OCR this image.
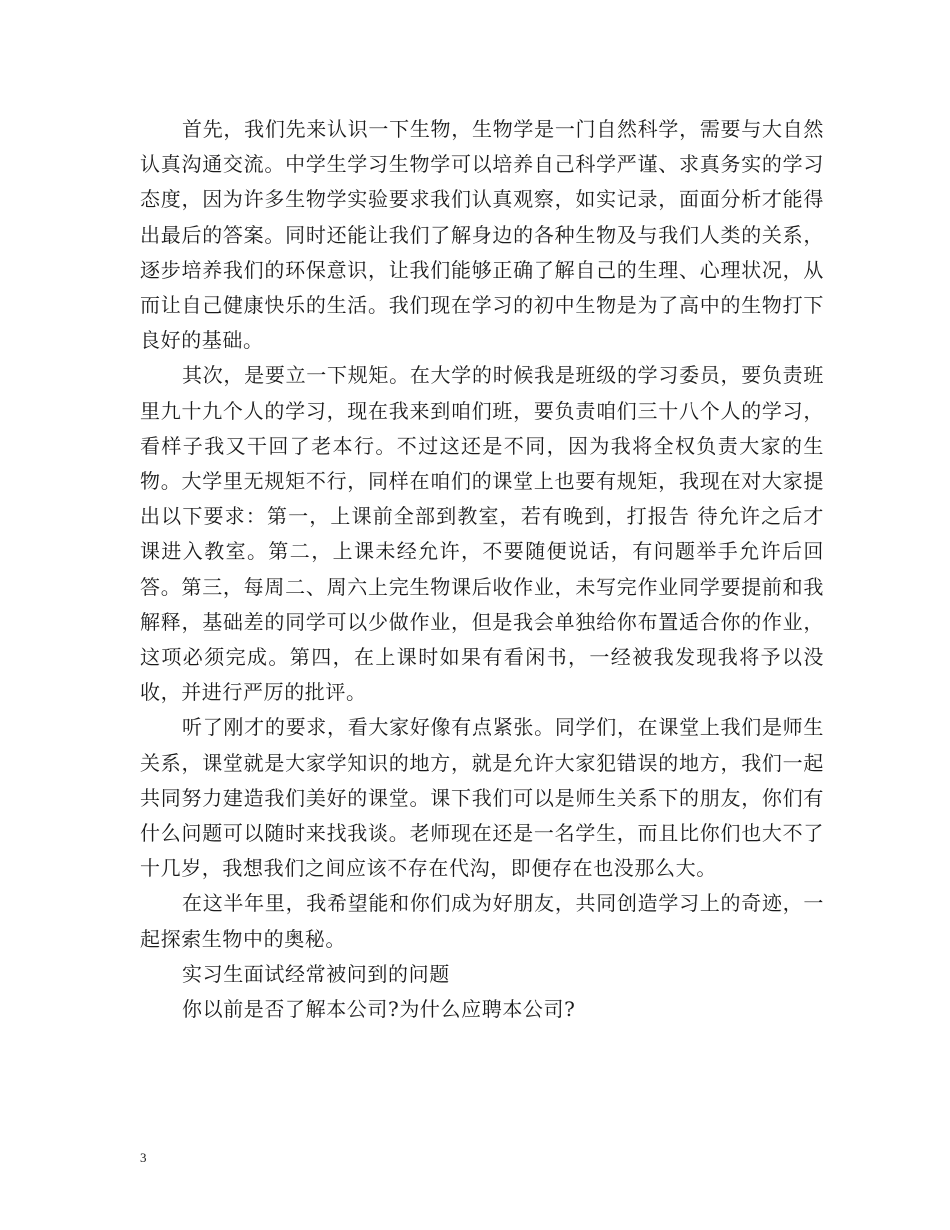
首先，我们先来认识一下生物，生物学是一门自然科学，需要与大自然认真沟通交流。中学生学习生物学可以培养自己科学严谨、求真务实的学习态度，因为许多生物学实验要求我们认真观察，如实记录，面面分析才能得出最后的答案。同时还能让我们了解身边的各种生物及与我们人类的关系，逐步培养我们的环保意识，让我们能够正确了解自己的生理、心理状况，从而让自己健康快乐的生活。我们现在学习的初中生物是为了高中的生物打下良好的基础。

其次，是要立一下规矩。在大学的时候我是班级的学习委员，要负责班里九十九个人的学习，现在我来到咱们班，要负责咱们三十八个人的学习，看样子我又干回了老本行。不过这还是不同，因为我将全权负责大家的生物。大学里无规矩不行，同样在咱们的课堂上也要有规矩，我现在对大家提出以下要求：第一，上课前全部到教室，若有晚到，打报告 待允许之后才课进入教室。第二，上课未经允许，不要随便说话，有问题举手允许后回答。第三，每周二、周六上完生物课后收作业，未写完作业同学要提前和我解释，基础差的同学可以少做作业，但是我会单独给你布置适合你的作业，这项必须完成。第四，在上课时如果有看闲书，一经被我发现我将予以没收，并进行严厉的批评。

听了刚才的要求，看大家好像有点紧张。同学们，在课堂上我们是师生关系，课堂就是大家学知识的地方，就是允许大家犯错误的地方，我们一起共同努力建造我们美好的课堂。课下我们可以是师生关系下的朋友，你们有什么问题可以随时来找我谈。老师现在还是一名学生，而且比你们也大不了十几岁，我想我们之间应该不存在代沟，即便存在也没那么大。

在这半年里，我希望能和你们成为好朋友，共同创造学习上的奇迹，一起探索生物中的奥秘。

实习生面试经常被问到的问题

你以前是否了解本公司?为什么应聘本公司?

3
